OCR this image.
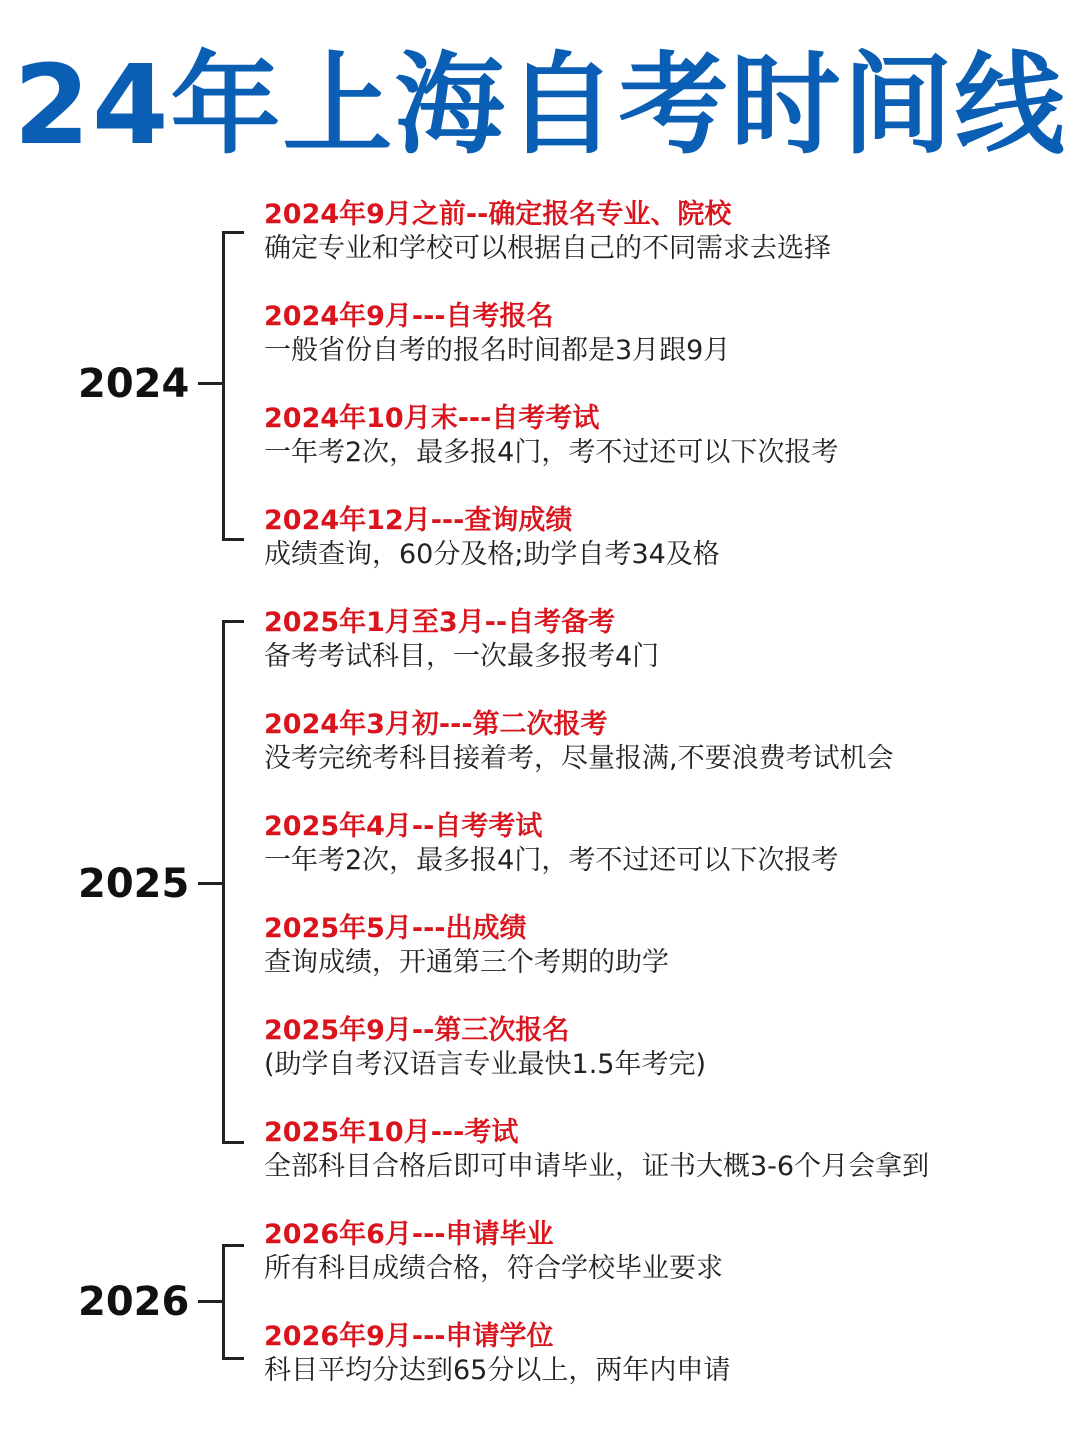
24年上海自考时间线
2024
2024年9月之前--确定报名专业、院校
确定专业和学校可以根据自己的不同需求去选择
2024年9月---自考报名
一般省份自考的报名时间都是3月跟9月
2024年10月末---自考考试
一年考2次，最多报4门，考不过还可以下次报考
2024年12月---查询成绩
成绩查询，60分及格;助学自考34及格
2025
2025年1月至3月--自考备考
备考考试科目，一次最多报考4门
2024年3月初---第二次报考
没考完统考科目接着考，尽量报满,不要浪费考试机会
2025年4月--自考考试
一年考2次，最多报4门，考不过还可以下次报考
2025年5月---出成绩
查询成绩，开通第三个考期的助学
2025年9月--第三次报名
(助学自考汉语言专业最快1.5年考完)
2025年10月---考试
全部科目合格后即可申请毕业，证书大概3-6个月会拿到
2026
2026年6月---申请毕业
所有科目成绩合格，符合学校毕业要求
2026年9月---申请学位
科目平均分达到65分以上，两年内申请
